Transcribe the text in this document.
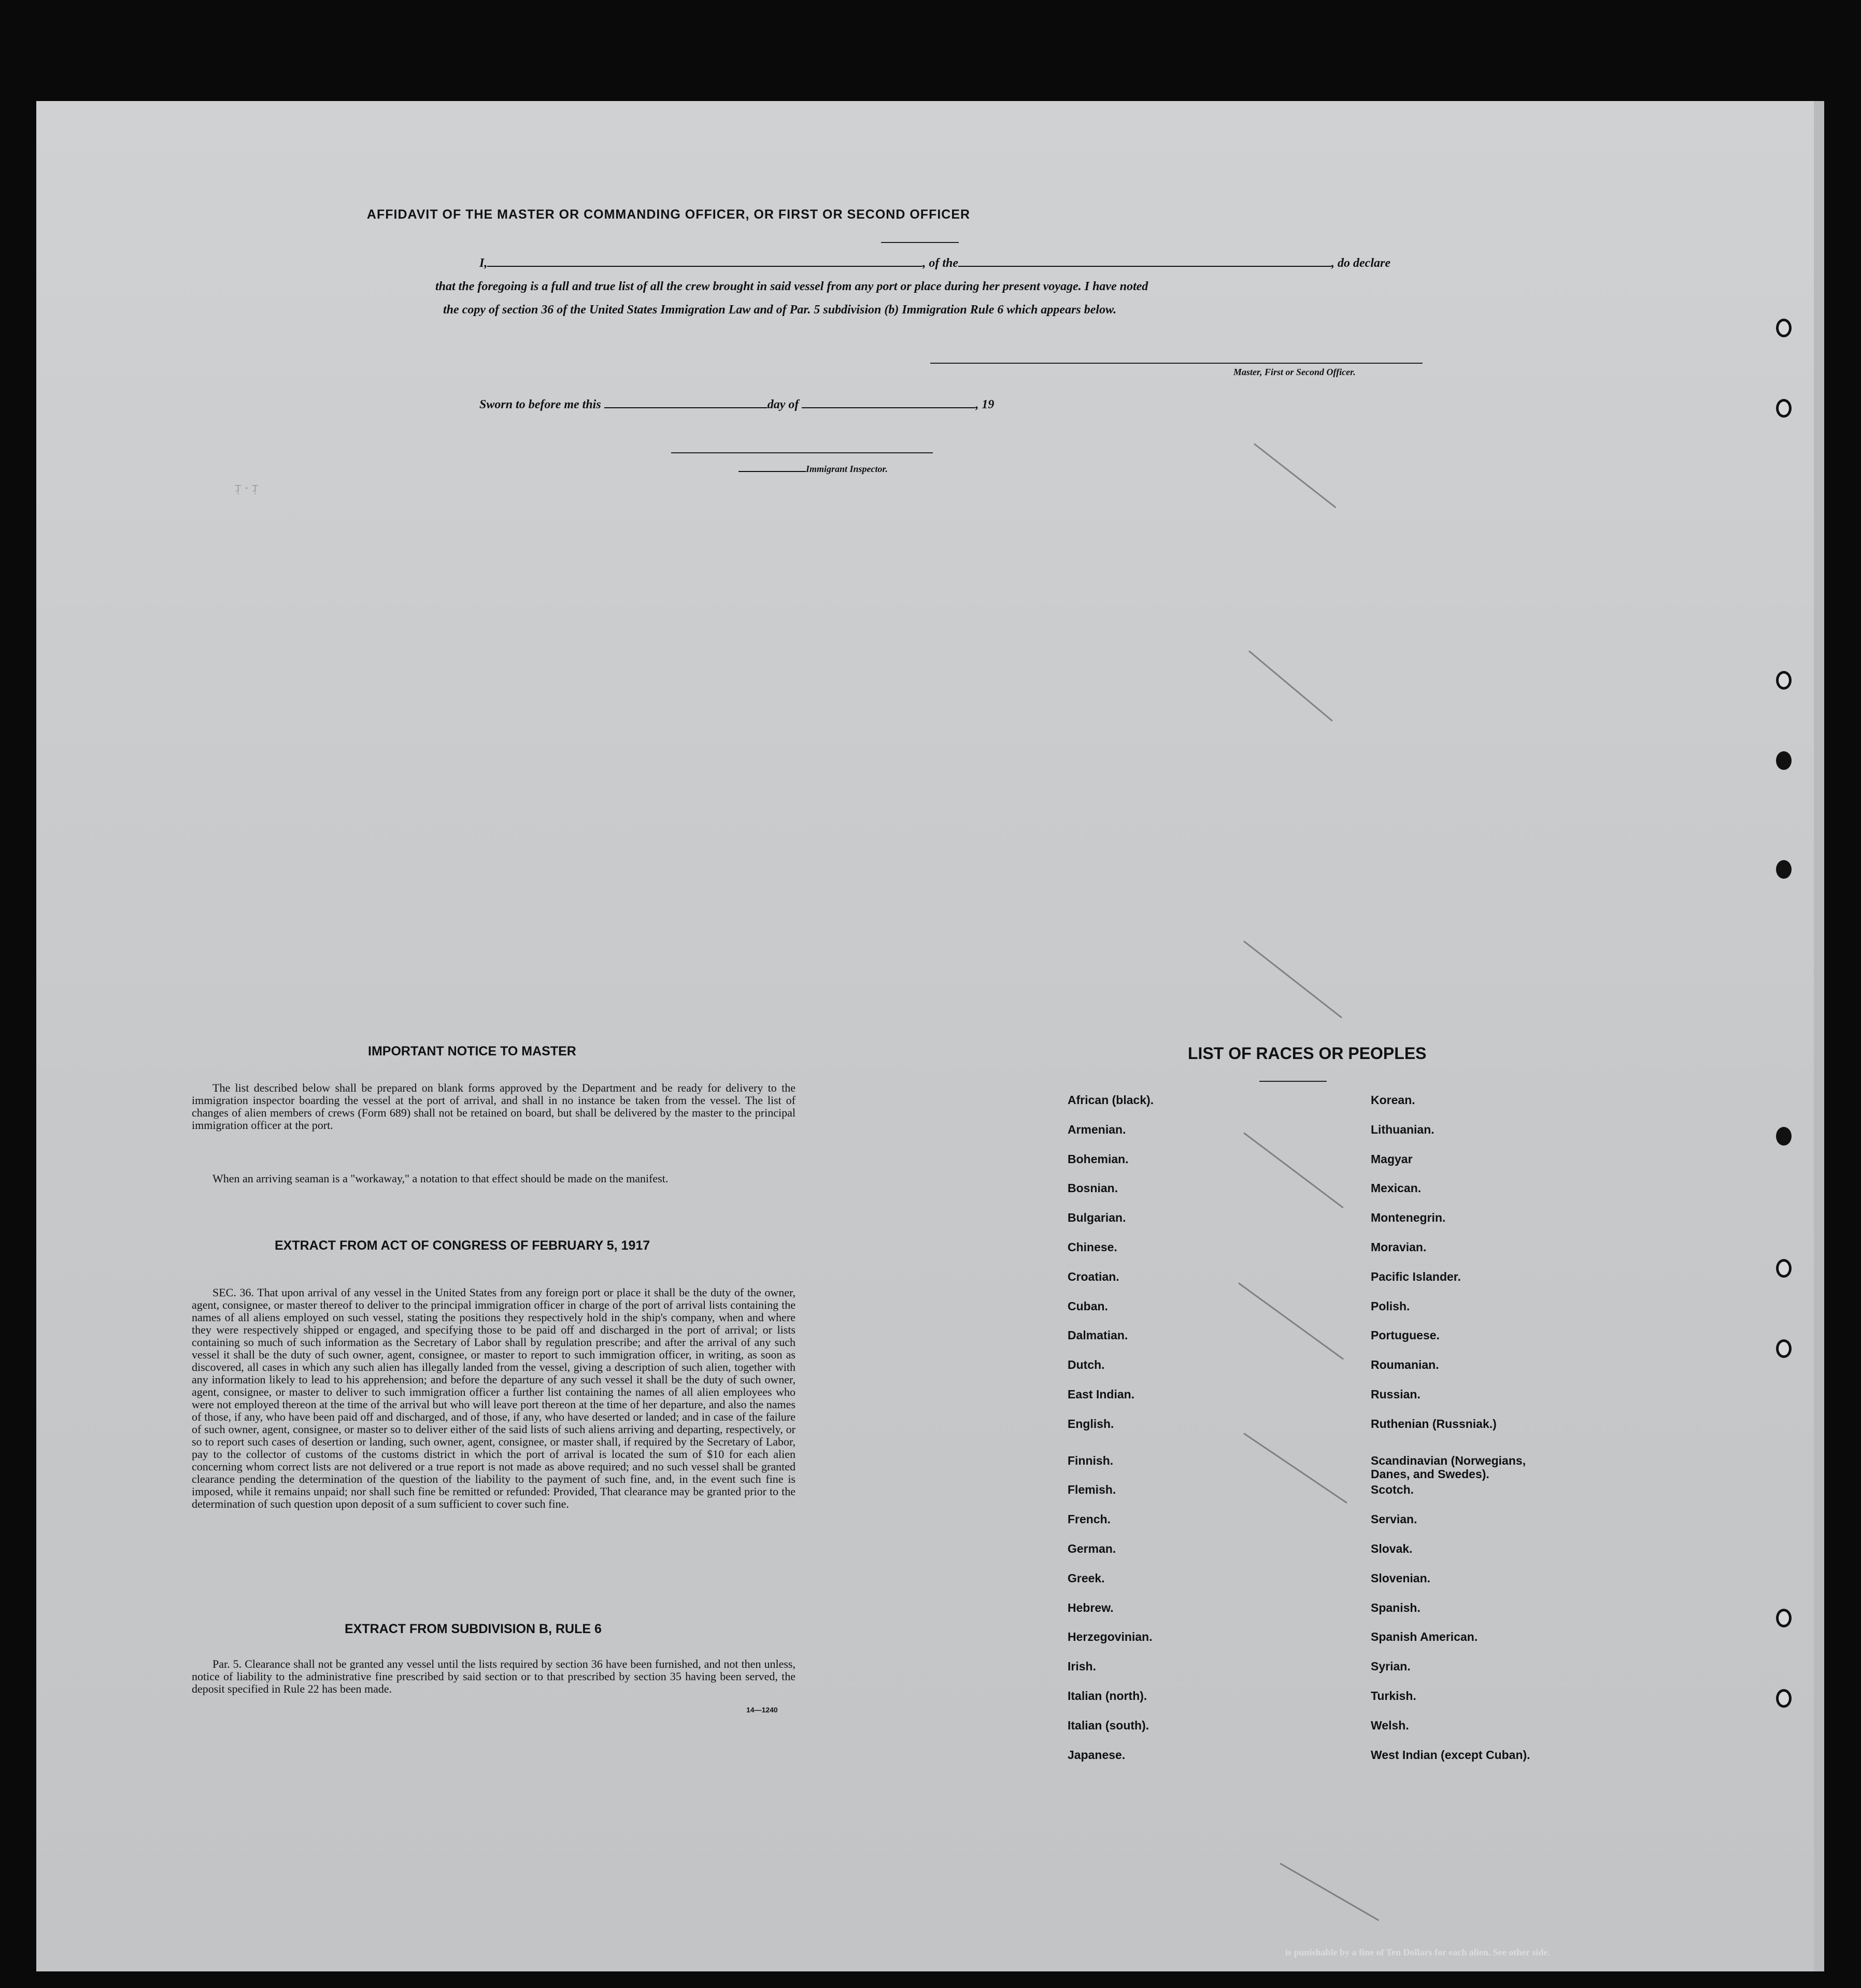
ᴉ·ᴉ
AFFIDAVIT OF THE MASTER OR COMMANDING OFFICER, OR FIRST OR SECOND OFFICER
I,	, of the	, do declare
that the foregoing is a full and true list of all the crew brought in said vessel from any port or place during her present voyage. I have noted
the copy of section 36 of the United States Immigration Law and of Par. 5 subdivision (b) Immigration Rule 6 which appears below.
Master, First or Second Officer.
Sworn to before me this	day of	, 19
Immigrant Inspector.
IMPORTANT NOTICE TO MASTER
The list described below shall be prepared on blank forms approved by the Department and be ready for delivery to the immigration inspector boarding the vessel at the port of arrival, and shall in no instance be taken from the vessel. The list of changes of alien members of crews (Form 689) shall not be retained on board, but shall be delivered by the master to the principal immigration officer at the port.
When an arriving seaman is a "workaway," a notation to that effect should be made on the manifest.
EXTRACT FROM ACT OF CONGRESS OF FEBRUARY 5, 1917
SEC. 36. That upon arrival of any vessel in the United States from any foreign port or place it shall be the duty of the owner, agent, consignee, or master thereof to deliver to the principal immigration officer in charge of the port of arrival lists containing the names of all aliens employed on such vessel, stating the positions they respectively hold in the ship's company, when and where they were respectively shipped or engaged, and specifying those to be paid off and discharged in the port of arrival; or lists containing so much of such information as the Secretary of Labor shall by regulation prescribe; and after the arrival of any such vessel it shall be the duty of such owner, agent, consignee, or master to report to such immigration officer, in writing, as soon as discovered, all cases in which any such alien has illegally landed from the vessel, giving a description of such alien, together with any information likely to lead to his apprehension; and before the departure of any such vessel it shall be the duty of such owner, agent, consignee, or master to deliver to such immigration officer a further list containing the names of all alien employees who were not employed thereon at the time of the arrival but who will leave port thereon at the time of her departure, and also the names of those, if any, who have been paid off and discharged, and of those, if any, who have deserted or landed; and in case of the failure of such owner, agent, consignee, or master so to deliver either of the said lists of such aliens arriving and departing, respectively, or so to report such cases of desertion or landing, such owner, agent, consignee, or master shall, if required by the Secretary of Labor, pay to the collector of customs of the customs district in which the port of arrival is located the sum of $10 for each alien concerning whom correct lists are not delivered or a true report is not made as above required; and no such vessel shall be granted clearance pending the determination of the question of the liability to the payment of such fine, and, in the event such fine is imposed, while it remains unpaid; nor shall such fine be remitted or refunded: Provided, That clearance may be granted prior to the determination of such question upon deposit of a sum sufficient to cover such fine.
EXTRACT FROM SUBDIVISION B, RULE 6
Par. 5. Clearance shall not be granted any vessel until the lists required by section 36 have been furnished, and not then unless, notice of liability to the administrative fine prescribed by said section or to that prescribed by section 35 having been served, the deposit specified in Rule 22 has been made.
14—1240
LIST OF RACES OR PEOPLES
African (black).
Armenian.
Bohemian.
Bosnian.
Bulgarian.
Chinese.
Croatian.
Cuban.
Dalmatian.
Dutch.
East Indian.
English.
Finnish.
Flemish.
French.
German.
Greek.
Hebrew.
Herzegovinian.
Irish.
Italian (north).
Italian (south).
Japanese.
Korean.
Lithuanian.
Magyar
Mexican.
Montenegrin.
Moravian.
Pacific Islander.
Polish.
Portuguese.
Roumanian.
Russian.
Ruthenian (Russniak.)
Scandinavian (Norwegians, Danes, and Swedes).
Scotch.
Servian.
Slovak.
Slovenian.
Spanish.
Spanish American.
Syrian.
Turkish.
Welsh.
West Indian (except Cuban).
is punishable by a fine of Ten Dollars for each alien. See other side.
